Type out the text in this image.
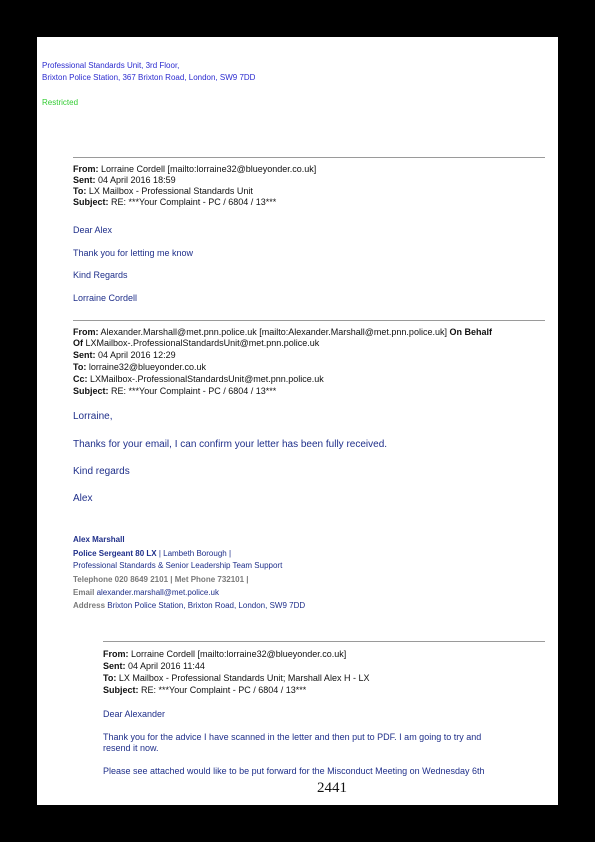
Professional Standards Unit, 3rd Floor,
Brixton Police Station, 367 Brixton Road, London, SW9 7DD
Restricted
From: Lorraine Cordell [mailto:lorraine32@blueyonder.co.uk]
Sent: 04 April 2016 18:59
To: LX Mailbox - Professional Standards Unit
Subject: RE: ***Your Complaint - PC / 6804 / 13***
Dear Alex
Thank you for letting me know
Kind Regards
Lorraine Cordell
From: Alexander.Marshall@met.pnn.police.uk [mailto:Alexander.Marshall@met.pnn.police.uk] On Behalf
Of LXMailbox-.ProfessionalStandardsUnit@met.pnn.police.uk
Sent: 04 April 2016 12:29
To: lorraine32@blueyonder.co.uk
Cc: LXMailbox-.ProfessionalStandardsUnit@met.pnn.police.uk
Subject: RE: ***Your Complaint - PC / 6804 / 13***
Lorraine,
Thanks for your email, I can confirm your letter has been fully received.
Kind regards
Alex
Alex Marshall
Police Sergeant 80 LX | Lambeth Borough |
Professional Standards & Senior Leadership Team Support
Telephone 020 8649 2101 | Met Phone 732101 |
Email alexander.marshall@met.police.uk
Address Brixton Police Station, Brixton Road, London, SW9 7DD
From: Lorraine Cordell [mailto:lorraine32@blueyonder.co.uk]
Sent: 04 April 2016 11:44
To: LX Mailbox - Professional Standards Unit; Marshall Alex H - LX
Subject: RE: ***Your Complaint - PC / 6804 / 13***
Dear Alexander
Thank you for the advice I have scanned in the letter and then put to PDF. I am going to try and
resend it now.
Please see attached would like to be put forward for the Misconduct Meeting on Wednesday 6th
2441
